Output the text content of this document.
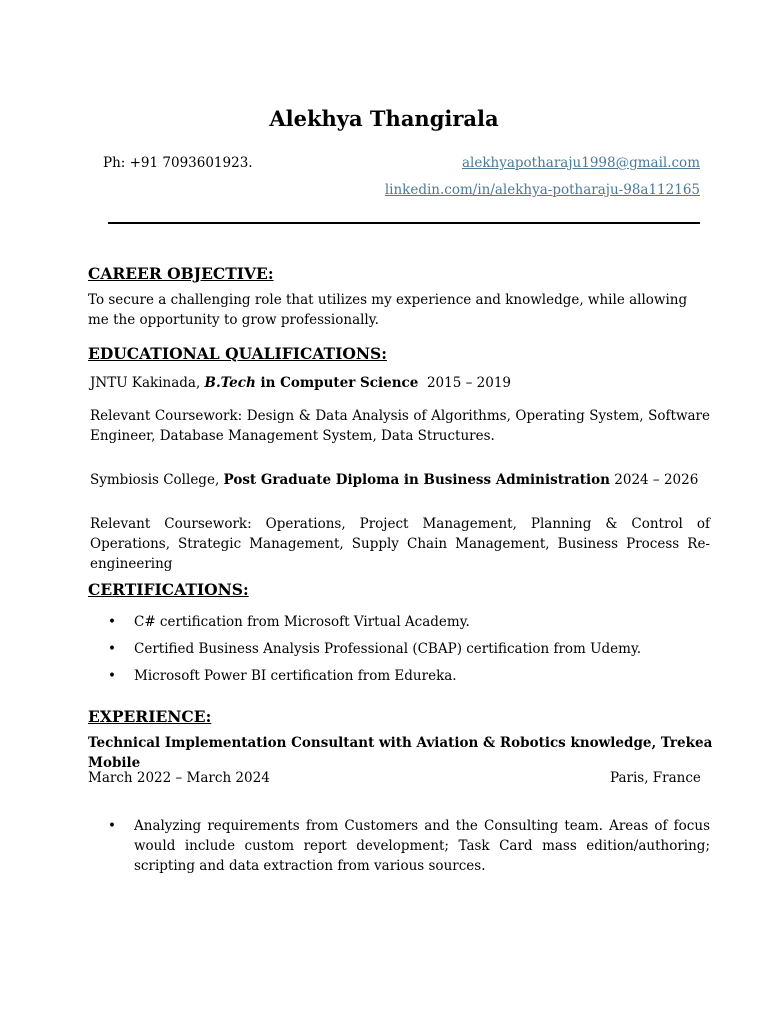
Alekhya Thangirala
Ph: +91 7093601923.	alekhyapotharaju1998@gmail.com
linkedin.com/in/alekhya-potharaju-98a112165
CAREER OBJECTIVE:
To secure a challenging role that utilizes my experience and knowledge, while allowing me the opportunity to grow professionally.
EDUCATIONAL QUALIFICATIONS:
JNTU Kakinada, B.Tech in Computer Science  2015 – 2019
Relevant Coursework: Design & Data Analysis of Algorithms, Operating System, Software Engineer, Database Management System, Data Structures.
Symbiosis College, Post Graduate Diploma in Business Administration 2024 – 2026
Relevant Coursework: Operations, Project Management, Planning & Control of Operations, Strategic Management, Supply Chain Management, Business Process Re-engineering
CERTIFICATIONS:
• C# certification from Microsoft Virtual Academy.
• Certified Business Analysis Professional (CBAP) certification from Udemy.
• Microsoft Power BI certification from Edureka.
EXPERIENCE:
Technical Implementation Consultant with Aviation & Robotics knowledge, Trekea Mobile
March 2022 – March 2024	Paris, France
• Analyzing requirements from Customers and the Consulting team. Areas of focus would include custom report development; Task Card mass edition/authoring; scripting and data extraction from various sources.
